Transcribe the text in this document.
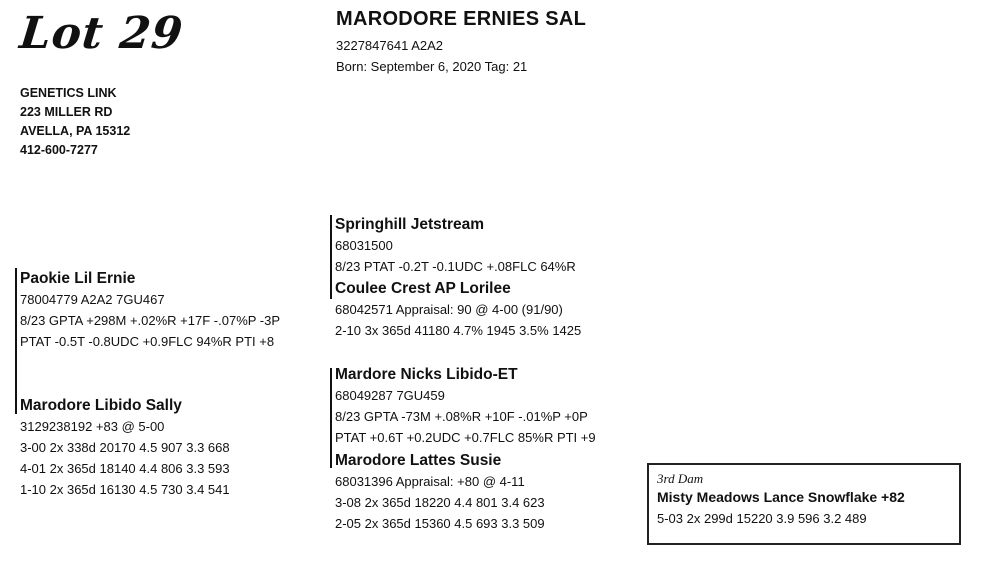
Lot 29
GENETICS LINK
223 MILLER RD
AVELLA, PA 15312
412-600-7277
MARODORE ERNIES SAL
3227847641 A2A2
Born: September 6, 2020 Tag: 21
Paokie Lil Ernie
78004779 A2A2 7GU467
8/23 GPTA +298M +.02%R +17F -.07%P -3P
PTAT -0.5T -0.8UDC +0.9FLC 94%R PTI +8
Marodore Libido Sally
3129238192 +83 @ 5-00
3-00 2x 338d 20170 4.5 907 3.3 668
4-01 2x 365d 18140 4.4 806 3.3 593
1-10 2x 365d 16130 4.5 730 3.4 541
Springhill Jetstream
68031500
8/23 PTAT -0.2T -0.1UDC +.08FLC 64%R
Coulee Crest AP Lorilee
68042571 Appraisal: 90 @ 4-00 (91/90)
2-10 3x 365d 41180 4.7% 1945 3.5% 1425
Mardore Nicks Libido-ET
68049287 7GU459
8/23 GPTA -73M +.08%R +10F -.01%P +0P
PTAT +0.6T +0.2UDC +0.7FLC 85%R PTI +9
Marodore Lattes Susie
68031396 Appraisal: +80 @ 4-11
3-08 2x 365d 18220 4.4 801 3.4 623
2-05 2x 365d 15360 4.5 693 3.3 509
3rd Dam
Misty Meadows Lance Snowflake +82
5-03 2x 299d 15220 3.9 596 3.2 489
